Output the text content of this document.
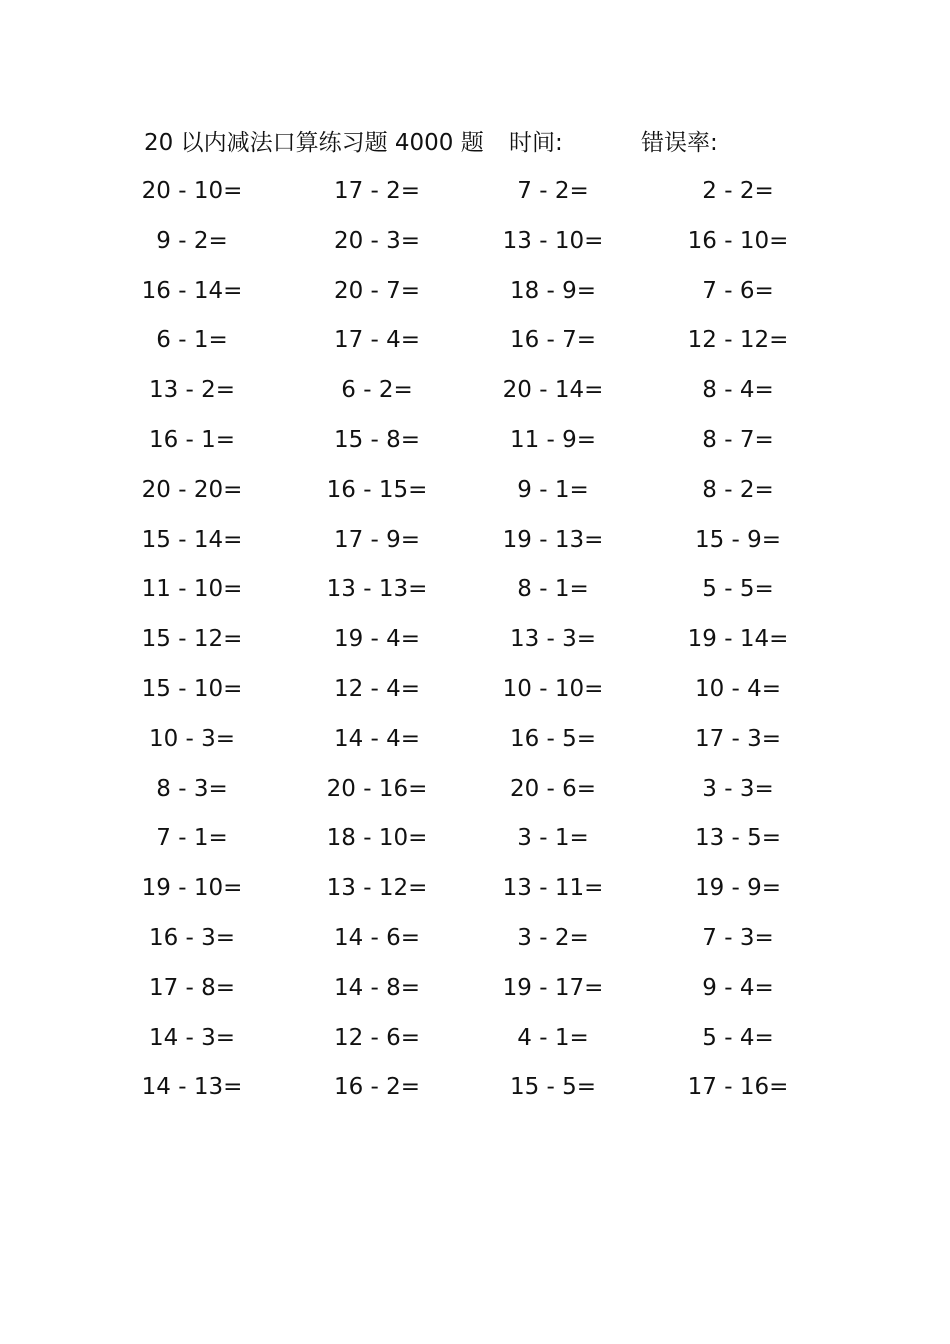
20 以内减法口算练习题 4000 题 时间:	错误率:
20 - 10=	17 - 2=	7 - 2=	2 - 2=
9 - 2=	20 - 3=	13 - 10=	16 - 10=
16 - 14=	20 - 7=	18 - 9=	7 - 6=
6 - 1=	17 - 4=	16 - 7=	12 - 12=
13 - 2=	6 - 2=	20 - 14=	8 - 4=
16 - 1=	15 - 8=	11 - 9=	8 - 7=
20 - 20=	16 - 15=	9 - 1=	8 - 2=
15 - 14=	17 - 9=	19 - 13=	15 - 9=
11 - 10=	13 - 13=	8 - 1=	5 - 5=
15 - 12=	19 - 4=	13 - 3=	19 - 14=
15 - 10=	12 - 4=	10 - 10=	10 - 4=
10 - 3=	14 - 4=	16 - 5=	17 - 3=
8 - 3=	20 - 16=	20 - 6=	3 - 3=
7 - 1=	18 - 10=	3 - 1=	13 - 5=
19 - 10=	13 - 12=	13 - 11=	19 - 9=
16 - 3=	14 - 6=	3 - 2=	7 - 3=
17 - 8=	14 - 8=	19 - 17=	9 - 4=
14 - 3=	12 - 6=	4 - 1=	5 - 4=
14 - 13=	16 - 2=	15 - 5=	17 - 16=
